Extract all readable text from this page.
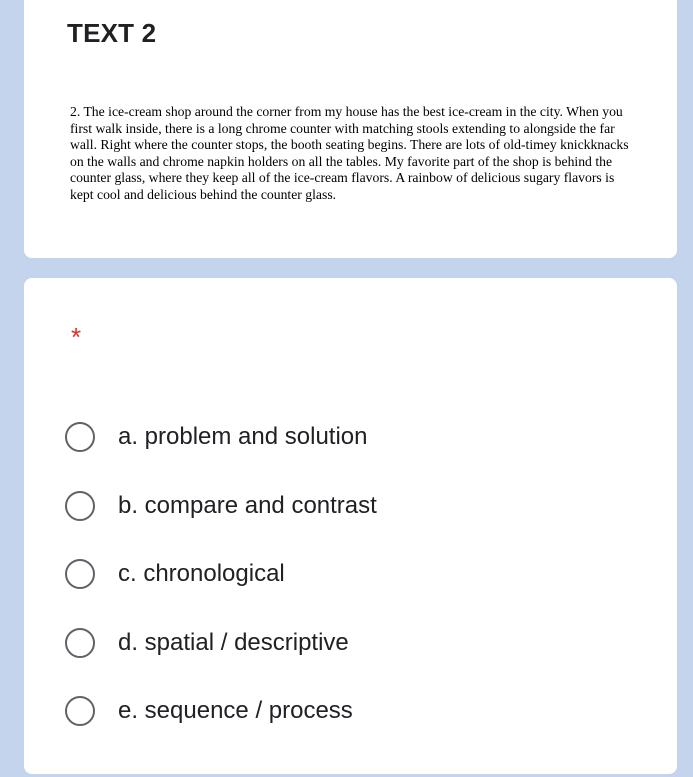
TEXT 2

2. The ice-cream shop around the corner from my house has the best ice-cream in the city. When you first walk inside, there is a long chrome counter with matching stools extending to alongside the far wall. Right where the counter stops, the booth seating begins. There are lots of old-timey knickknacks on the walls and chrome napkin holders on all the tables. My favorite part of the shop is behind the counter glass, where they keep all of the ice-cream flavors. A rainbow of delicious sugary flavors is kept cool and delicious behind the counter glass.

*
a. problem and solution
b. compare and contrast
c. chronological
d. spatial / descriptive
e. sequence / process
